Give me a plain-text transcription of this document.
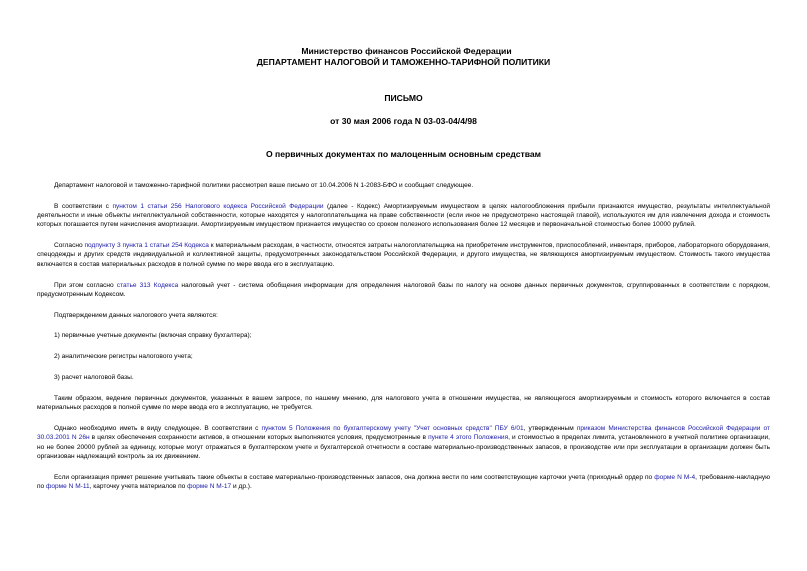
Министерство финансов Российской Федерации
ДЕПАРТАМЕНТ НАЛОГОВОЙ И ТАМОЖЕННО-ТАРИФНОЙ ПОЛИТИКИ
ПИСЬМО
от 30 мая 2006 года N 03-03-04/4/98
О первичных документах по малоценным основным средствам

Департамент налоговой и таможенно-тарифной политики рассмотрел ваше письмо от 10.04.2006 N 1-2083-БФО и сообщает следующее.

В соответствии с пунктом 1 статьи 256 Налогового кодекса Российской Федерации (далее - Кодекс) Амортизируемым имуществом в целях налогообложения прибыли признаются имущество, результаты интеллектуальной деятельности и иные объекты интеллектуальной собственности, которые находятся у налогоплательщика на праве собственности (если иное не предусмотрено настоящей главой), используются им для извлечения дохода и стоимость которых погашается путем начисления амортизации. Амортизируемым имуществом признается имущество со сроком полезного использования более 12 месяцев и первоначальной стоимостью более 10000 рублей.

Согласно подпункту 3 пункта 1 статьи 254 Кодекса к материальным расходам, в частности, относятся затраты налогоплательщика на приобретение инструментов, приспособлений, инвентаря, приборов, лабораторного оборудования, спецодежды и других средств индивидуальной и коллективной защиты, предусмотренных законодательством Российской Федерации, и другого имущества, не являющихся амортизируемым имуществом. Стоимость такого имущества включается в состав материальных расходов в полной сумме по мере ввода его в эксплуатацию.

При этом согласно статье 313 Кодекса налоговый учет - система обобщения информации для определения налоговой базы по налогу на основе данных первичных документов, сгруппированных в соответствии с порядком, предусмотренным Кодексом.

Подтверждением данных налогового учета являются:

1) первичные учетные документы (включая справку бухгалтера);

2) аналитические регистры налогового учета;

3) расчет налоговой базы.

Таким образом, ведение первичных документов, указанных в вашем запросе, по нашему мнению, для налогового учета в отношении имущества, не являющегося амортизируемым и стоимость которого включается в состав материальных расходов в полной сумме по мере ввода его в эксплуатацию, не требуется.

Однако необходимо иметь в виду следующее. В соответствии с пунктом 5 Положения по бухгалтерскому учету "Учет основных средств" ПБУ 6/01, утвержденным приказом Министерства финансов Российской Федерации от 30.03.2001 N 26н в целях обеспечения сохранности активов, в отношении которых выполняются условия, предусмотренные в пункте 4 этого Положения, и стоимостью в пределах лимита, установленного в учетной политике организации, но не более 20000 рублей за единицу, которые могут отражаться в бухгалтерском учете и бухгалтерской отчетности в составе материально-производственных запасов, в производстве или при эксплуатации в организации должен быть организован надлежащий контроль за их движением.

Если организация примет решение учитывать такие объекты в составе материально-производственных запасов, она должна вести по ним соответствующие карточки учета (приходный ордер по форме N М-4, требование-накладную по форме N М-11, карточку учета материалов по форме N М-17 и др.).
